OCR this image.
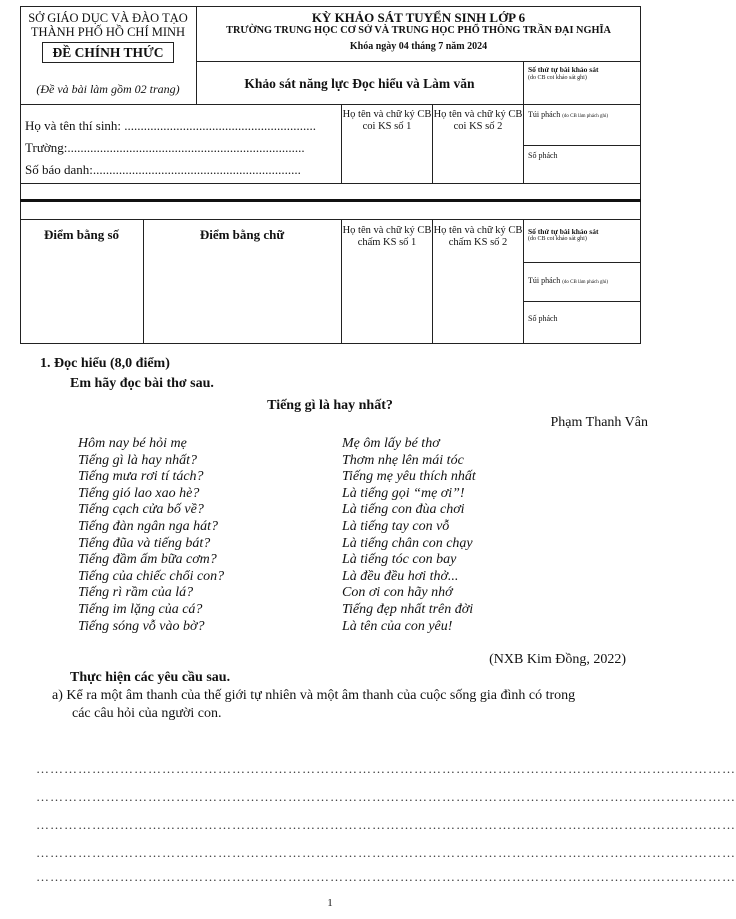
SỞ GIÁO DỤC VÀ ĐÀO TẠO
THÀNH PHỐ HỒ CHÍ MINH
ĐỀ CHÍNH THỨC
(Đề và bài làm gồm 02 trang)
KỲ KHẢO SÁT TUYỂN SINH LỚP 6
TRƯỜNG TRUNG HỌC CƠ SỞ VÀ TRUNG HỌC PHỔ THÔNG TRẦN ĐẠI NGHĨA
Khóa ngày 04 tháng 7 năm 2024
Khảo sát năng lực Đọc hiểu và Làm văn
Số thứ tự bài khảo sát
(do CB coi khảo sát ghi)
Họ và tên thí sinh: ...........................................................
Trường:.........................................................................
Số báo danh:................................................................
Họ tên và chữ ký CB coi KS số 1
Họ tên và chữ ký CB coi KS số 2
Túi phách (do CB làm phách ghi)
Số phách
Điểm bằng số	Điểm bằng chữ	Họ tên và chữ ký CB chấm KS số 1
Họ tên và chữ ký CB chấm KS số 2
Số thứ tự bài khảo sát
(do CB coi khảo sát ghi)
Túi phách (do CB làm phách ghi)
Số phách
1. Đọc hiểu (8,0 điểm)
Em hãy đọc bài thơ sau.
Tiếng gì là hay nhất?
Phạm Thanh Vân
Hôm nay bé hỏi mẹ
Tiếng gì là hay nhất?
Tiếng mưa rơi tí tách?
Tiếng gió lao xao hè?
Tiếng cạch cửa bố về?
Tiếng đàn ngân nga hát?
Tiếng đũa và tiếng bát?
Tiếng đầm ấm bữa cơm?
Tiếng của chiếc chổi con?
Tiếng rì rầm của lá?
Tiếng im lặng của cá?
Tiếng sóng vỗ vào bờ?
Mẹ ôm lấy bé thơ
Thơm nhẹ lên mái tóc
Tiếng mẹ yêu thích nhất
Là tiếng gọi “mẹ ơi”!
Là tiếng con đùa chơi
Là tiếng tay con vỗ
Là tiếng chân con chạy
Là tiếng tóc con bay
Là đều đều hơi thở...
Con ơi con hãy nhớ
Tiếng đẹp nhất trên đời
Là tên của con yêu!
(NXB Kim Đồng, 2022)
Thực hiện các yêu cầu sau.
a) Kể ra một âm thanh của thế giới tự nhiên và một âm thanh của cuộc sống gia đình có trong
các câu hỏi của người con.
……………………………………………………………………………………………………………………………………
……………………………………………………………………………………………………………………………………
……………………………………………………………………………………………………………………………………
……………………………………………………………………………………………………………………………………
……………………………………………………………………………………………………………………………………
1
